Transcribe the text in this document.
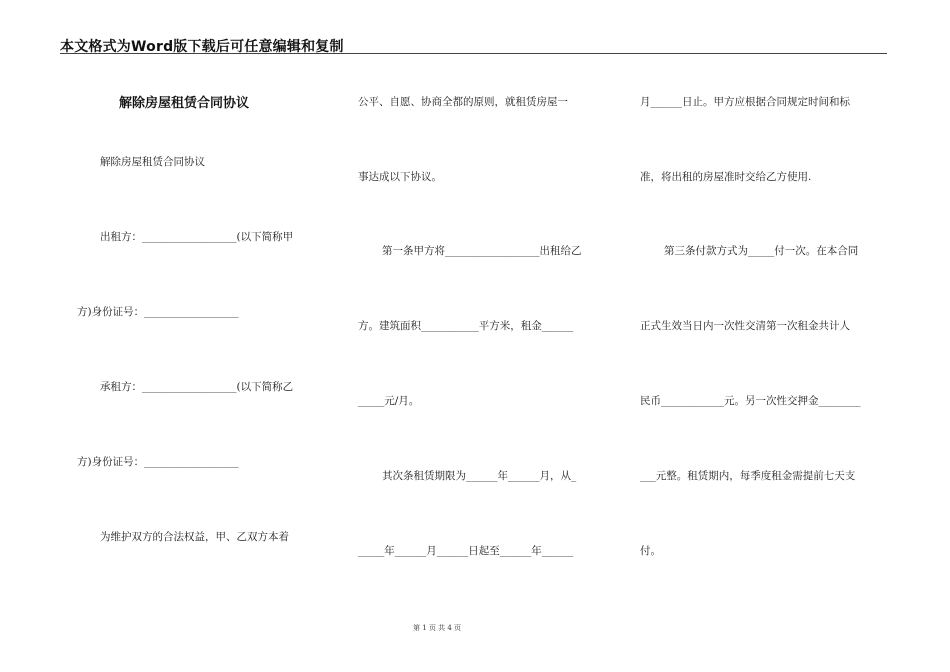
本文格式为Word版下载后可任意编辑和复制
解除房屋租赁合同协议
解除房屋租赁合同协议
出租方：__________________(以下简称甲
方)身份证号：__________________
承租方：__________________(以下简称乙
方)身份证号：__________________
为维护双方的合法权益，甲、乙双方本着
公平、自愿、协商全都的原则，就租赁房屋一
事达成以下协议。
第一条甲方将__________________出租给乙
方。建筑面积___________平方米，租金______
_____元/月。
其次条租赁期限为______年______月，从_
_____年______月______日起至______年______
月______日止。甲方应根据合同规定时间和标
准，将出租的房屋准时交给乙方使用.
第三条付款方式为_____付一次。在本合同
正式生效当日内一次性交清第一次租金共计人
民币____________元。另一次性交押金________
___元整。租赁期内，每季度租金需提前七天支
付。
第 1 页 共 4 页
